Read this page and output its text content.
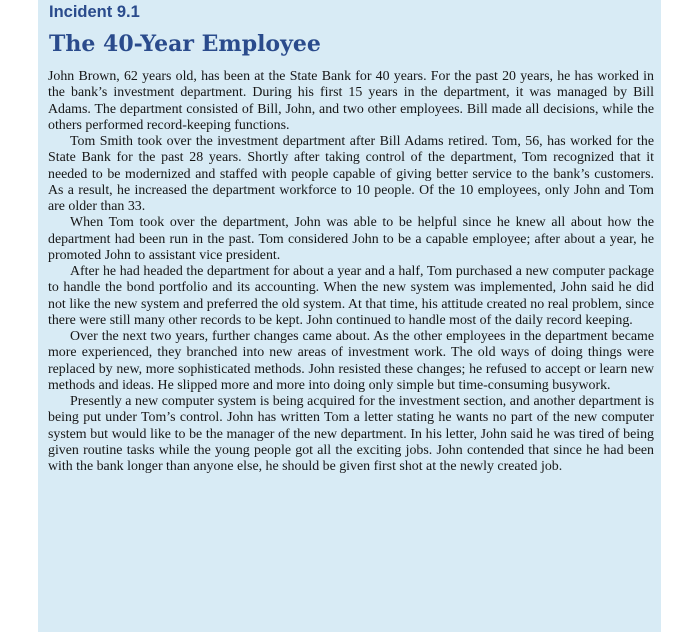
Incident 9.1
The 40-Year Employee

John Brown, 62 years old, has been at the State Bank for 40 years. For the past 20 years, he has worked in the bank’s investment department. During his first 15 years in the department, it was managed by Bill Adams. The department consisted of Bill, John, and two other employees. Bill made all decisions, while the others performed record-keeping functions.

Tom Smith took over the investment department after Bill Adams retired. Tom, 56, has worked for the State Bank for the past 28 years. Shortly after taking control of the department, Tom recognized that it needed to be modernized and staffed with people capable of giving better service to the bank’s customers. As a result, he increased the department workforce to 10 people. Of the 10 employees, only John and Tom are older than 33.

When Tom took over the department, John was able to be helpful since he knew all about how the department had been run in the past. Tom considered John to be a capable employee; after about a year, he promoted John to assistant vice president.

After he had headed the department for about a year and a half, Tom purchased a new computer package to handle the bond portfolio and its accounting. When the new system was implemented, John said he did not like the new system and preferred the old system. At that time, his attitude created no real problem, since there were still many other records to be kept. John continued to handle most of the daily record keeping.

Over the next two years, further changes came about. As the other employees in the department became more experienced, they branched into new areas of investment work. The old ways of doing things were replaced by new, more sophisticated methods. John resisted these changes; he refused to accept or learn new methods and ideas. He slipped more and more into doing only simple but time-consuming busywork.

Presently a new computer system is being acquired for the investment section, and another department is being put under Tom’s control. John has written Tom a letter stating he wants no part of the new computer system but would like to be the manager of the new department. In his letter, John said he was tired of being given routine tasks while the young people got all the exciting jobs. John contended that since he had been with the bank longer than anyone else, he should be given first shot at the newly created job.
